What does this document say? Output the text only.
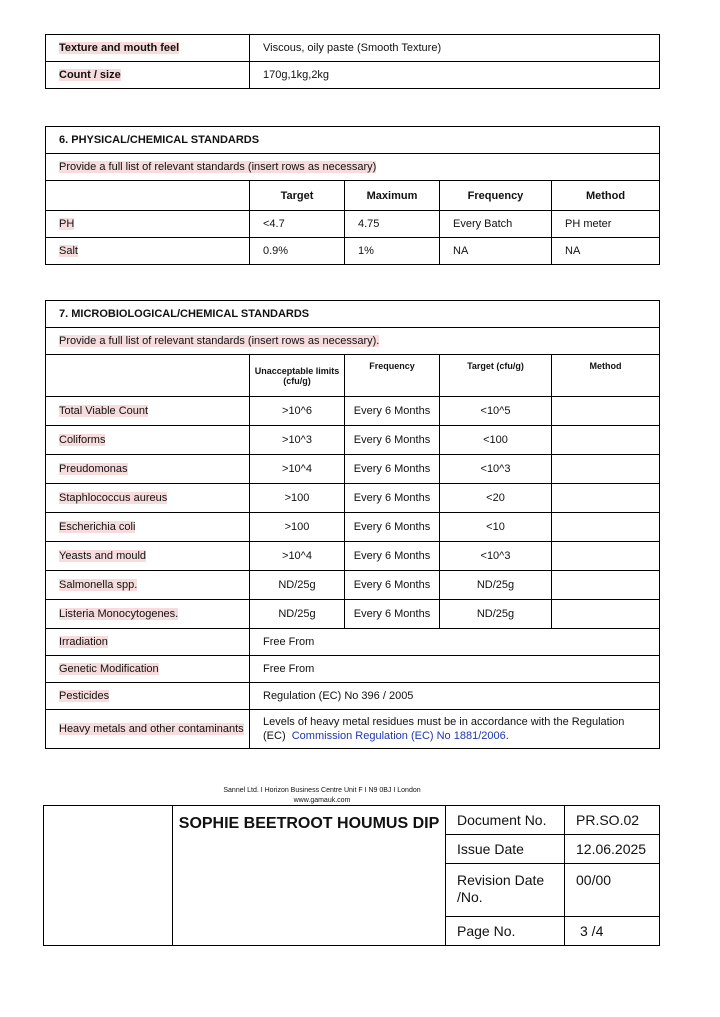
Texture and mouth feel	Viscous, oily paste (Smooth Texture)
Count / size	170g,1kg,2kg
6. PHYSICAL/CHEMICAL STANDARDS				
Provide a full list of relevant standards (insert rows as necessary)				
	Target	Maximum	Frequency	Method
PH	<4.7	4.75	Every Batch	PH meter
Salt	0.9%	1%	NA	NA
7. MICROBIOLOGICAL/CHEMICAL STANDARDS				
Provide a full list of relevant standards (insert rows as necessary).				
	Unacceptable limits (cfu/g)	Frequency	Target (cfu/g)	Method
Total Viable Count	>10^6	Every 6 Months	<10^5	
Coliforms	>10^3	Every 6 Months	<100	
Preudomonas	>10^4	Every 6 Months	<10^3	
Staphlococcus aureus	>100	Every 6 Months	<20	
Escherichia coli	>100	Every 6 Months	<10	
Yeasts and mould	>10^4	Every 6 Months	<10^3	
Salmonella spp.	ND/25g	Every 6 Months	ND/25g	
Listeria Monocytogenes.	ND/25g	Every 6 Months	ND/25g	
Irradiation	Free From			
Genetic Modification	Free From			
Pesticides	Regulation (EC) No 396 / 2005			
Heavy metals and other contaminants	Levels of heavy metal residues must be in accordance with the Regulation (EC) Commission Regulation (EC) No 1881/2006.			
Sannel Ltd. I Horizon Business Centre Unit F I N9 0BJ I London
www.gamauk.com
	SOPHIE BEETROOT HOUMUS DIP	Document No.	PR.SO.02
		Issue Date	12.06.2025
		Revision Date /No.	00/00
		Page No.	3 /4
